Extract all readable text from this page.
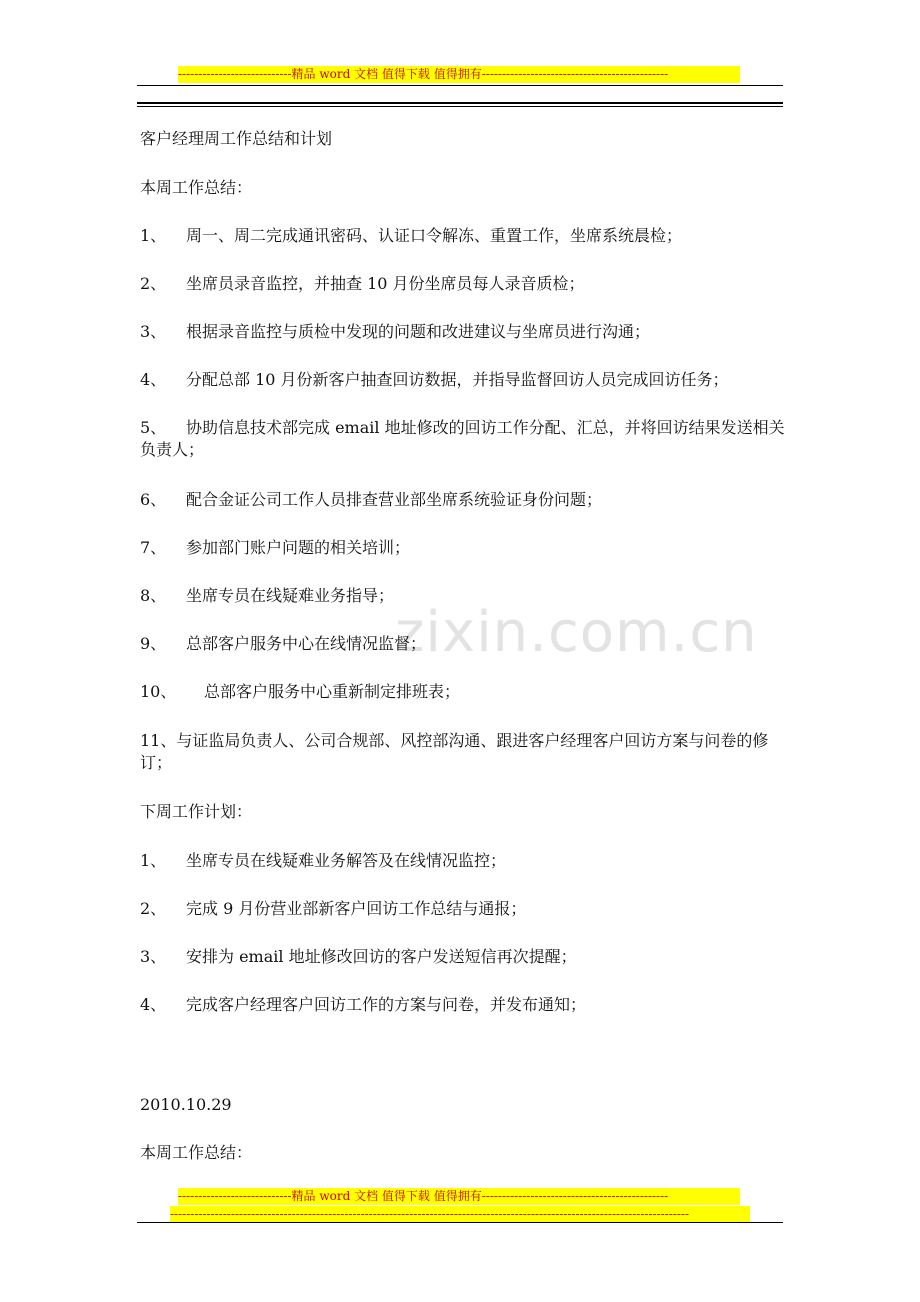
----------------------------精品 word 文档 值得下载 值得拥有----------------------------------------------
zixin.com.cn
客户经理周工作总结和计划
本周工作总结：
1、 周一、周二完成通讯密码、认证口令解冻、重置工作，坐席系统晨检；
2、 坐席员录音监控，并抽查 10 月份坐席员每人录音质检；
3、 根据录音监控与质检中发现的问题和改进建议与坐席员进行沟通；
4、 分配总部 10 月份新客户抽查回访数据，并指导监督回访人员完成回访任务；
5、 协助信息技术部完成 email 地址修改的回访工作分配、汇总，并将回访结果发送相关负责人；
6、 配合金证公司工作人员排查营业部坐席系统验证身份问题；
7、 参加部门账户问题的相关培训；
8、 坐席专员在线疑难业务指导；
9、 总部客户服务中心在线情况监督；
10、 总部客户服务中心重新制定排班表；
11、与证监局负责人、公司合规部、风控部沟通、跟进客户经理客户回访方案与问卷的修订；
下周工作计划：
1、 坐席专员在线疑难业务解答及在线情况监控；
2、 完成 9 月份营业部新客户回访工作总结与通报；
3、 安排为 email 地址修改回访的客户发送短信再次提醒；
4、 完成客户经理客户回访工作的方案与问卷，并发布通知；
2010.10.29
本周工作总结：
----------------------------精品 word 文档 值得下载 值得拥有----------------------------------------------
--------------------------------------------------------------------------------------------------------------------------------
